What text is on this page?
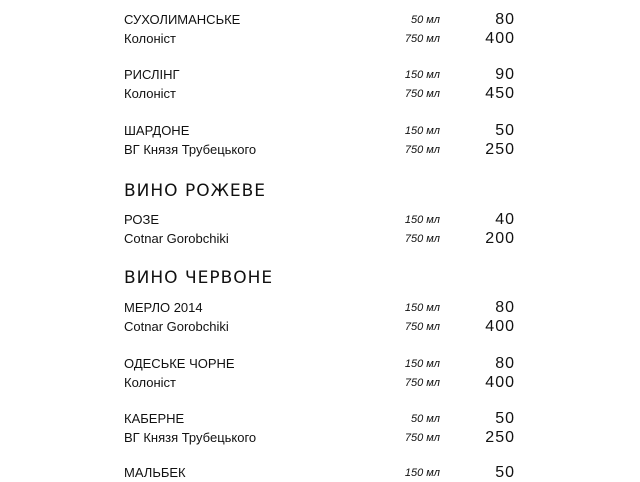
СУХОЛИМАНСЬКЕ
Колоніст
50 мл
750 мл
80
400
РИСЛІНГ
Колоніст
150 мл
750 мл
90
450
ШАРДОНЕ
ВГ Князя Трубецького
150 мл
750 мл
50
250
ВИНО РОЖЕВЕ
РОЗЕ
Cotnar Gorobchiki
150 мл
750 мл
40
200
ВИНО ЧЕРВОНЕ
МЕРЛО 2014
Cotnar Gorobchiki
150 мл
750 мл
80
400
ОДЕСЬКЕ ЧОРНЕ
Колоніст
150 мл
750 мл
80
400
КАБЕРНЕ
ВГ Князя Трубецького
50 мл
750 мл
50
250
МАЛЬБЕК	150 мл	50
